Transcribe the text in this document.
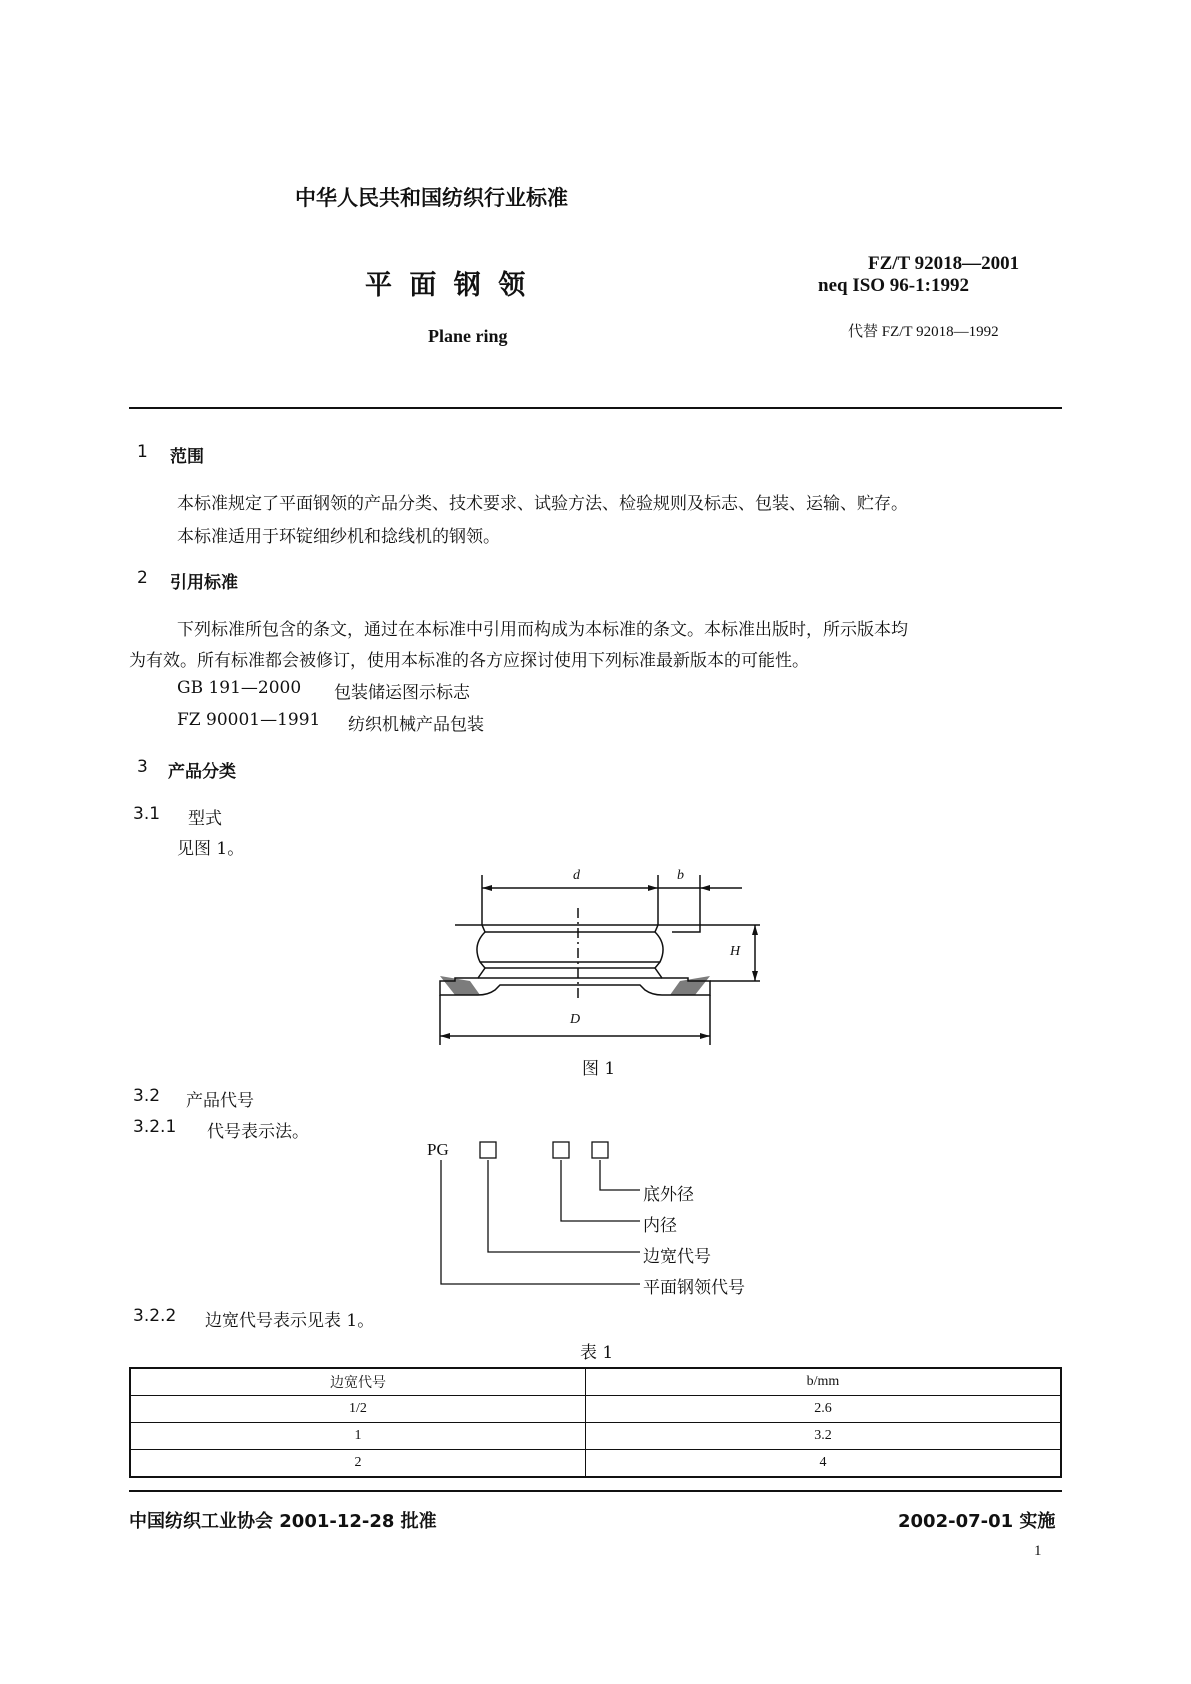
中华人民共和国纺织行业标准
平 面 钢 领
Plane ring
FZ/T 92018—2001
neq ISO 96-1:1992
代替 FZ/T 92018—1992
1 范围
本标准规定了平面钢领的产品分类、技术要求、试验方法、检验规则及标志、包装、运输、贮存。
本标准适用于环锭细纱机和捻线机的钢领。
2 引用标准
下列标准所包含的条文，通过在本标准中引用而构成为本标准的条文。本标准出版时，所示版本均
为有效。所有标准都会被修订，使用本标准的各方应探讨使用下列标准最新版本的可能性。
GB 191—2000 包装储运图示标志
FZ 90001—1991 纺织机械产品包装
3 产品分类
3.1 型式
见图 1。
d	b
H
D
图 1
3.2 产品代号
3.2.1 代号表示法。
PG
底外径
内径
边宽代号
平面钢领代号
3.2.2 边宽代号表示见表 1。
表 1
边宽代号	b/mm
1/2	2.6
1	3.2
2	4
中国纺织工业协会 2001-12-28 批准	2002-07-01 实施
1
